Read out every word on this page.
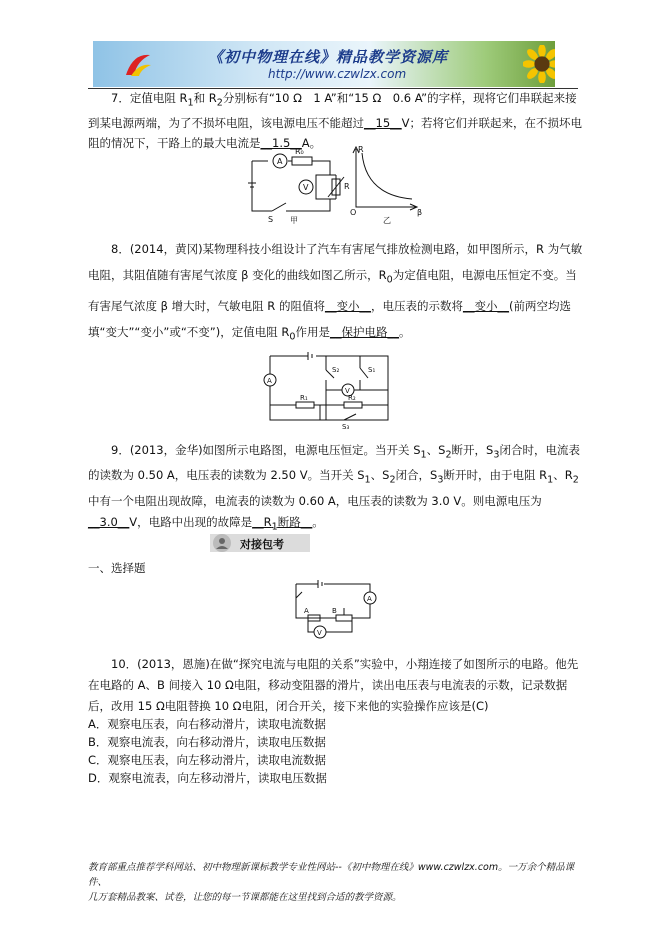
《初中物理在线》精品教学资源库
http://www.czwlzx.com
7．定值电阻 $R_1$和 $R_2$分别标有“10 Ω　1 A”和“15 Ω　0.6 A”的字样，现将它们串联起来接到某电源两端，为了不损坏电阻，该电源电压不能超过__15__V；若将它们并联起来，在不损坏电阻的情况下，干路上的最大电流是__1.5__A。
A
R₀
V	R
S 甲
R
O	β
乙
8．(2014，黄冈)某物理科技小组设计了汽车有害尾气排放检测电路，如甲图所示，R 为气敏电阻，其阻值随有害尾气浓度 β 变化的曲线如图乙所示，$R_0$为定值电阻，电源电压恒定不变。当有害尾气浓度 β 增大时，气敏电阻 R 的阻值将__变小__，电压表的示数将__变小__(前两空均选填“变大”“变小”或“不变”)，定值电阻 $R_0$作用是__保护电路__。
A
S₂	S₁
V
R₁	R₂
S₃
9．(2013，金华)如图所示电路图，电源电压恒定。当开关 $S_1$、$S_2$断开，$S_3$闭合时，电流表的读数为 0.50 A，电压表的读数为 2.50 V。当开关 $S_1$、$S_2$闭合，$S_3$断开时，由于电阻 $R_1$、$R_2$中有一个电阻出现故障，电流表的读数为 0.60 A，电压表的读数为 3.0 V。则电源电压为__3.0__V，电路中出现的故障是$\_\_R_1$断路__。
对接包考
一、选择题
A	B
V
A
10．(2013，恩施)在做“探究电流与电阻的关系”实验中，小翔连接了如图所示的电路。他先在电路的 A、B 间接入 10 Ω电阻，移动变阻器的滑片，读出电压表与电流表的示数，记录数据后，改用 15 Ω电阻替换 10 Ω电阻，闭合开关，接下来他的实验操作应该是(C)
A．观察电压表，向右移动滑片，读取电流数据
B．观察电流表，向右移动滑片，读取电压数据
C．观察电压表，向左移动滑片，读取电流数据
D．观察电流表，向左移动滑片，读取电压数据
教育部重点推荐学科网站、初中物理新课标教学专业性网站--《初中物理在线》www.czwlzx.com。一万余个精品课件、
几万套精品教案、试卷，让您的每一节课都能在这里找到合适的教学资源。
